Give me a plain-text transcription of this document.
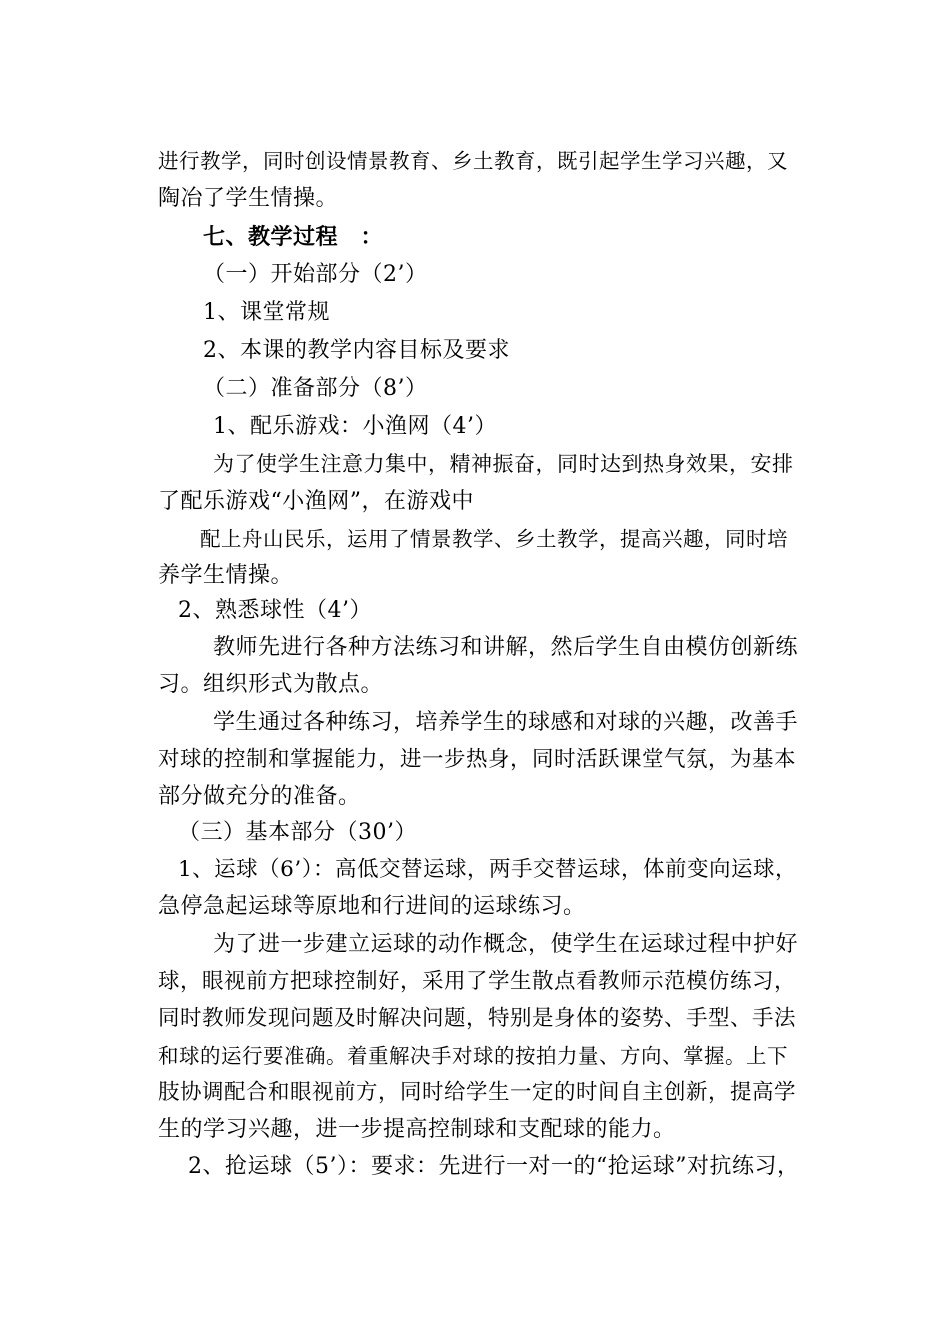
进行教学，同时创设情景教育、乡土教育，既引起学生学习兴趣，又
陶冶了学生情操。
七、教学过程　：
（一）开始部分（2’）
1、课堂常规
2、本课的教学内容目标及要求
（二）准备部分（8’）
1、配乐游戏：小渔网（4’）
为了使学生注意力集中，精神振奋，同时达到热身效果，安排
了配乐游戏“小渔网”，在游戏中
配上舟山民乐，运用了情景教学、乡土教学，提高兴趣，同时培
养学生情操。
2、熟悉球性（4’）
教师先进行各种方法练习和讲解，然后学生自由模仿创新练
习。组织形式为散点。
学生通过各种练习，培养学生的球感和对球的兴趣，改善手
对球的控制和掌握能力，进一步热身，同时活跃课堂气氛，为基本
部分做充分的准备。
（三）基本部分（30’）
1、运球（6’）：高低交替运球，两手交替运球，体前变向运球，
急停急起运球等原地和行进间的运球练习。
为了进一步建立运球的动作概念，使学生在运球过程中护好
球，眼视前方把球控制好，采用了学生散点看教师示范模仿练习，
同时教师发现问题及时解决问题，特别是身体的姿势、手型、手法
和球的运行要准确。着重解决手对球的按拍力量、方向、掌握。上下
肢协调配合和眼视前方，同时给学生一定的时间自主创新，提高学
生的学习兴趣，进一步提高控制球和支配球的能力。
2、抢运球（5’）：要求：先进行一对一的“抢运球”对抗练习，
